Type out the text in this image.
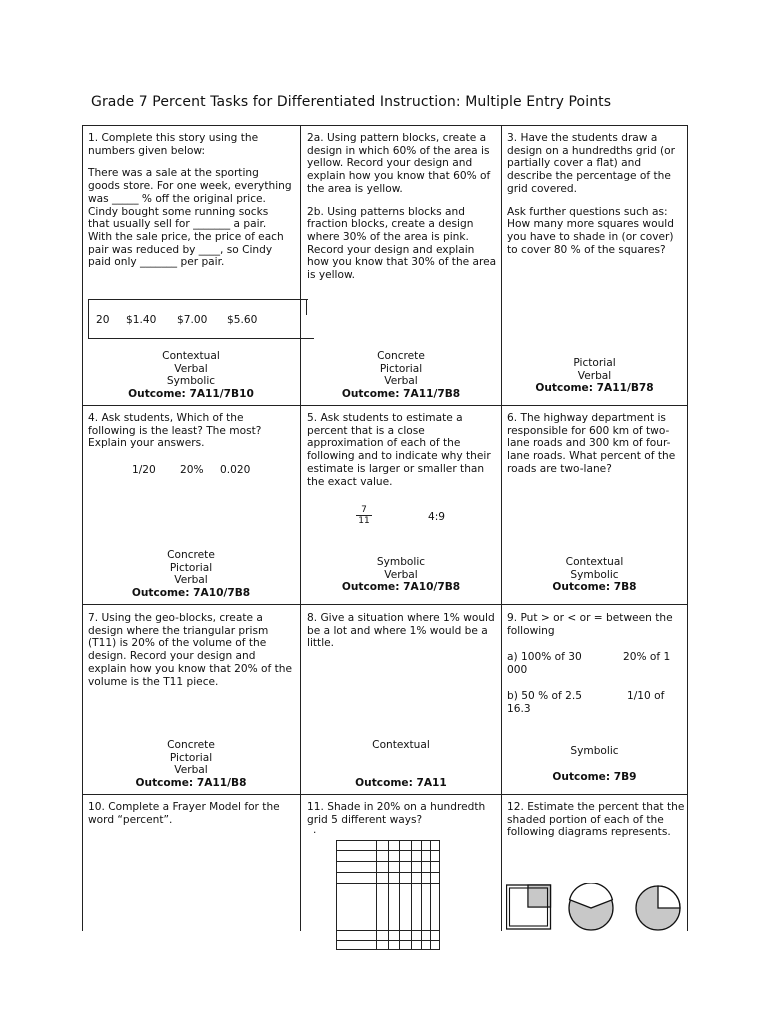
Grade 7 Percent Tasks for Differentiated Instruction: Multiple Entry Points

1. Complete this story using the numbers given below:

There was a sale at the sporting goods store. For one week, everything was _____ % off the original price. Cindy bought some running socks that usually sell for _______ a pair. With the sale price, the price of each pair was reduced by ____, so Cindy paid only _______ per pair.

20 $1.40 $7.00 $5.60
Contextual
Verbal
Symbolic
Outcome: 7A11/7B10

2a. Using pattern blocks, create a design in which 60% of the area is yellow. Record your design and explain how you know that 60% of the area is yellow.

2b. Using patterns blocks and fraction blocks, create a design where 30% of the area is pink. Record your design and explain how you know that 30% of the area is yellow.

Concrete
Pictorial
Verbal
Outcome: 7A11/7B8

3. Have the students draw a design on a hundredths grid (or partially cover a flat) and describe the percentage of the grid covered.

Ask further questions such as: How many more squares would you have to shade in (or cover) to cover 80 % of the squares?

Pictorial
Verbal
Outcome: 7A11/B78

4. Ask students, Which of the following is the least? The most? Explain your answers.

1/20 20% 0.020
Concrete
Pictorial
Verbal
Outcome: 7A10/7B8

5. Ask students to estimate a percent that is a close approximation of each of the following and to indicate why their estimate is larger or smaller than the exact value.

$\frac{7}{11}$	4:9
Symbolic
Verbal
Outcome: 7A10/7B8

6. The highway department is responsible for 600 km of two-lane roads and 300 km of four-lane roads. What percent of the roads are two-lane?

Contextual
Symbolic
Outcome: 7B8

7. Using the geo-blocks, create a design where the triangular prism (T11) is 20% of the volume of the design. Record your design and explain how you know that 20% of the volume is the T11 piece.

Concrete
Pictorial
Verbal
Outcome: 7A11/B8

8. Give a situation where 1% would be a lot and where 1% would be a little.

Contextual
Outcome: 7A11

9. Put > or < or = between the following

a) 100% of 30	20% of 1
000
b) 50 % of 2.5	1/10 of
16.3
Symbolic
Outcome: 7B9

10. Complete a Frayer Model for the word “percent”.

11. Shade in 20% on a hundredth grid 5 different ways?

.

12. Estimate the percent that the shaded portion of each of the following diagrams represents.
